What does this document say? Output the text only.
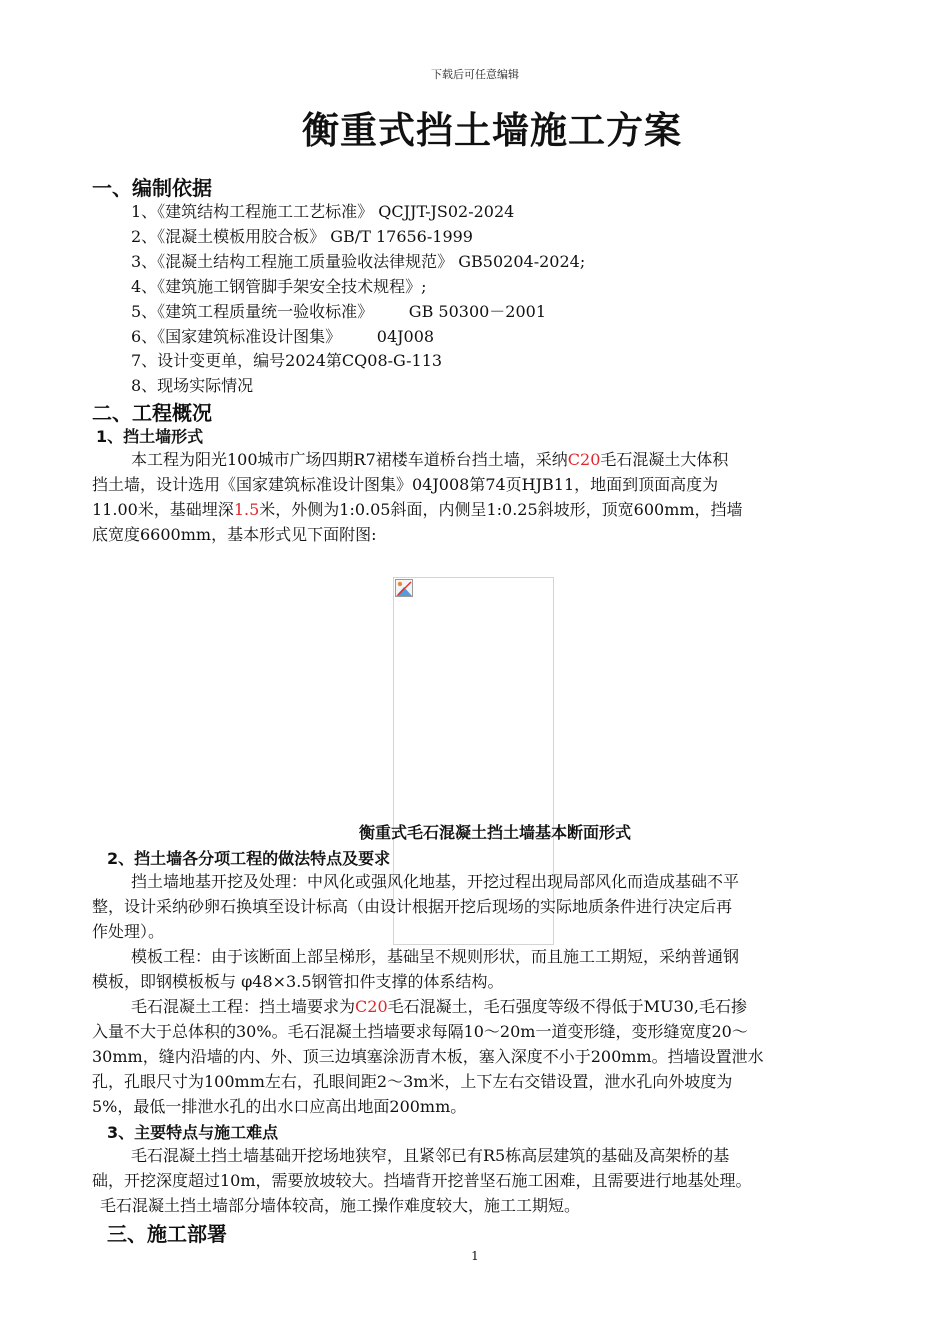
下载后可任意编辑
衡重式挡土墙施工方案
一、编制依据
1、《建筑结构工程施工工艺标准》 QCJJT-JS02-2024
2、《混凝土模板用胶合板》 GB/T 17656-1999
3、《混凝土结构工程施工质量验收法律规范》 GB50204-2024;
4、《建筑施工钢管脚手架安全技术规程》;
5、《建筑工程质量统一验收标准》       GB 50300－2001
6、《国家建筑标准设计图集》       04J008
7、设计变更单，编号2024第CQ08-G-113
8、现场实际情况
二、工程概况
1、挡土墙形式
本工程为阳光100城市广场四期R7裙楼车道桥台挡土墙，采纳C20毛石混凝土大体积
挡土墙，设计选用《国家建筑标准设计图集》04J008第74页HJB11，地面到顶面高度为
11.00米，基础埋深1.5米，外侧为1:0.05斜面，内侧呈1:0.25斜坡形，顶宽600mm，挡墙
底宽度6600mm，基本形式见下面附图:
衡重式毛石混凝土挡土墙基本断面形式
2、挡土墙各分项工程的做法特点及要求
挡土墙地基开挖及处理：中风化或强风化地基，开挖过程出现局部风化而造成基础不平
整，设计采纳砂卵石换填至设计标高（由设计根据开挖后现场的实际地质条件进行决定后再
作处理）。
模板工程：由于该断面上部呈梯形，基础呈不规则形状，而且施工工期短，采纳普通钢
模板，即钢模板板与 φ48×3.5钢管扣件支撑的体系结构。
毛石混凝土工程：挡土墙要求为C20毛石混凝土，毛石强度等级不得低于MU30,毛石掺
入量不大于总体积的30%。毛石混凝土挡墙要求每隔10～20m一道变形缝，变形缝宽度20～
30mm，缝内沿墙的内、外、顶三边填塞涂沥青木板，塞入深度不小于200mm。挡墙设置泄水
孔，孔眼尺寸为100mm左右，孔眼间距2～3m米，上下左右交错设置，泄水孔向外坡度为
5%，最低一排泄水孔的出水口应高出地面200mm。
3、主要特点与施工难点
毛石混凝土挡土墙基础开挖场地狭窄，且紧邻已有R5栋高层建筑的基础及高架桥的基
础，开挖深度超过10m，需要放坡较大。挡墙背开挖普坚石施工困难，且需要进行地基处理。
毛石混凝土挡土墙部分墙体较高，施工操作难度较大，施工工期短。
三、施工部署
1
